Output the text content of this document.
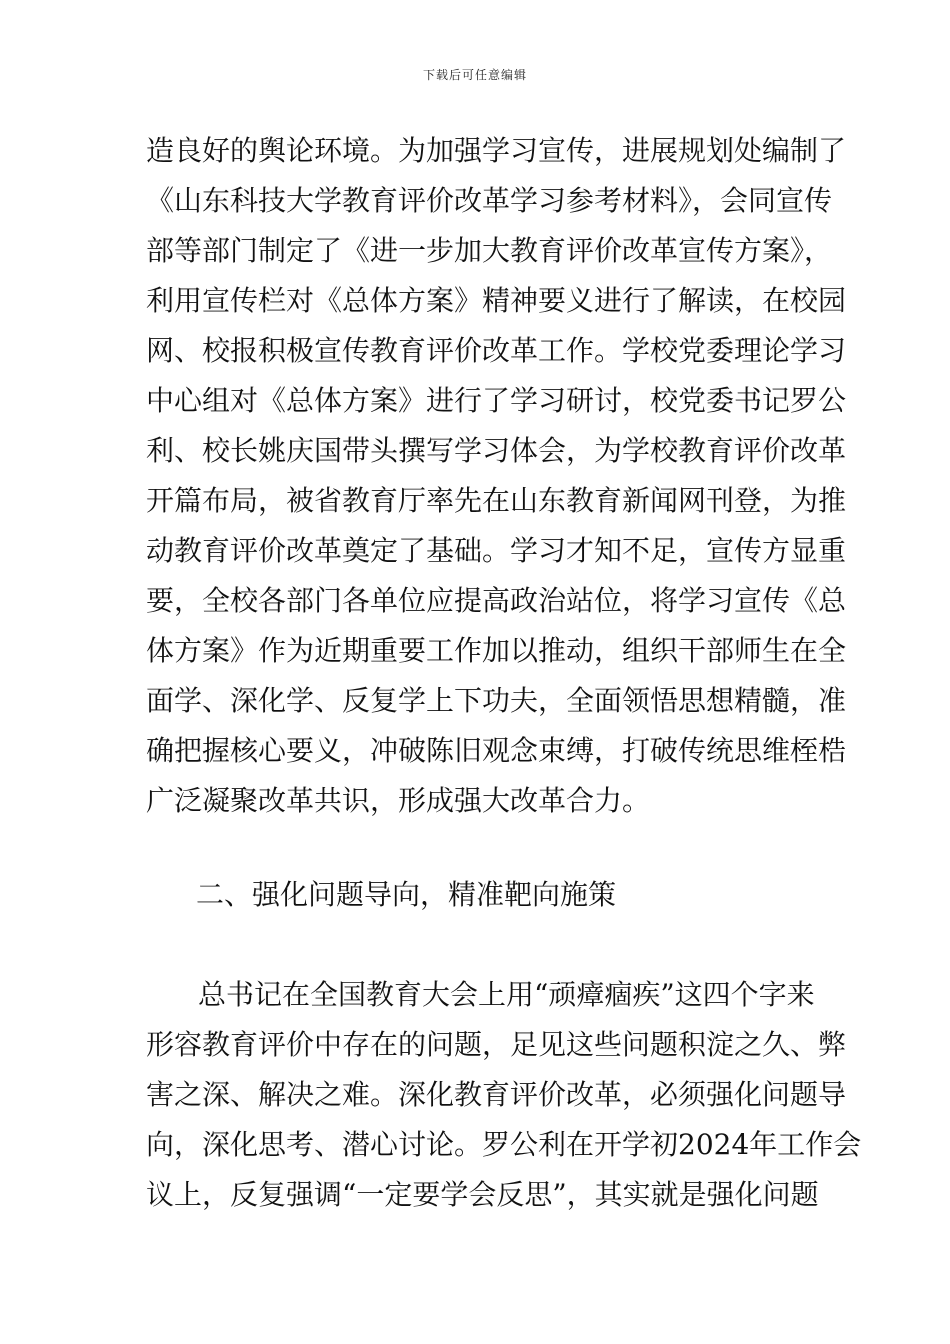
下载后可任意编辑
造良好的舆论环境。为加强学习宣传，进展规划处编制了
《山东科技大学教育评价改革学习参考材料》，会同宣传
部等部门制定了《进一步加大教育评价改革宣传方案》，
利用宣传栏对《总体方案》精神要义进行了解读，在校园
网、校报积极宣传教育评价改革工作。学校党委理论学习
中心组对《总体方案》进行了学习研讨，校党委书记罗公
利、校长姚庆国带头撰写学习体会，为学校教育评价改革
开篇布局，被省教育厅率先在山东教育新闻网刊登，为推
动教育评价改革奠定了基础。学习才知不足，宣传方显重
要，全校各部门各单位应提高政治站位，将学习宣传《总
体方案》作为近期重要工作加以推动，组织干部师生在全
面学、深化学、反复学上下功夫，全面领悟思想精髓，准
确把握核心要义，冲破陈旧观念束缚，打破传统思维桎梏
广泛凝聚改革共识，形成强大改革合力。
二、强化问题导向，精准靶向施策
总书记在全国教育大会上用“顽瘴痼疾”这四个字来
形容教育评价中存在的问题，足见这些问题积淀之久、弊
害之深、解决之难。深化教育评价改革，必须强化问题导
向，深化思考、潜心讨论。罗公利在开学初2024年工作会
议上，反复强调“一定要学会反思”，其实就是强化问题
